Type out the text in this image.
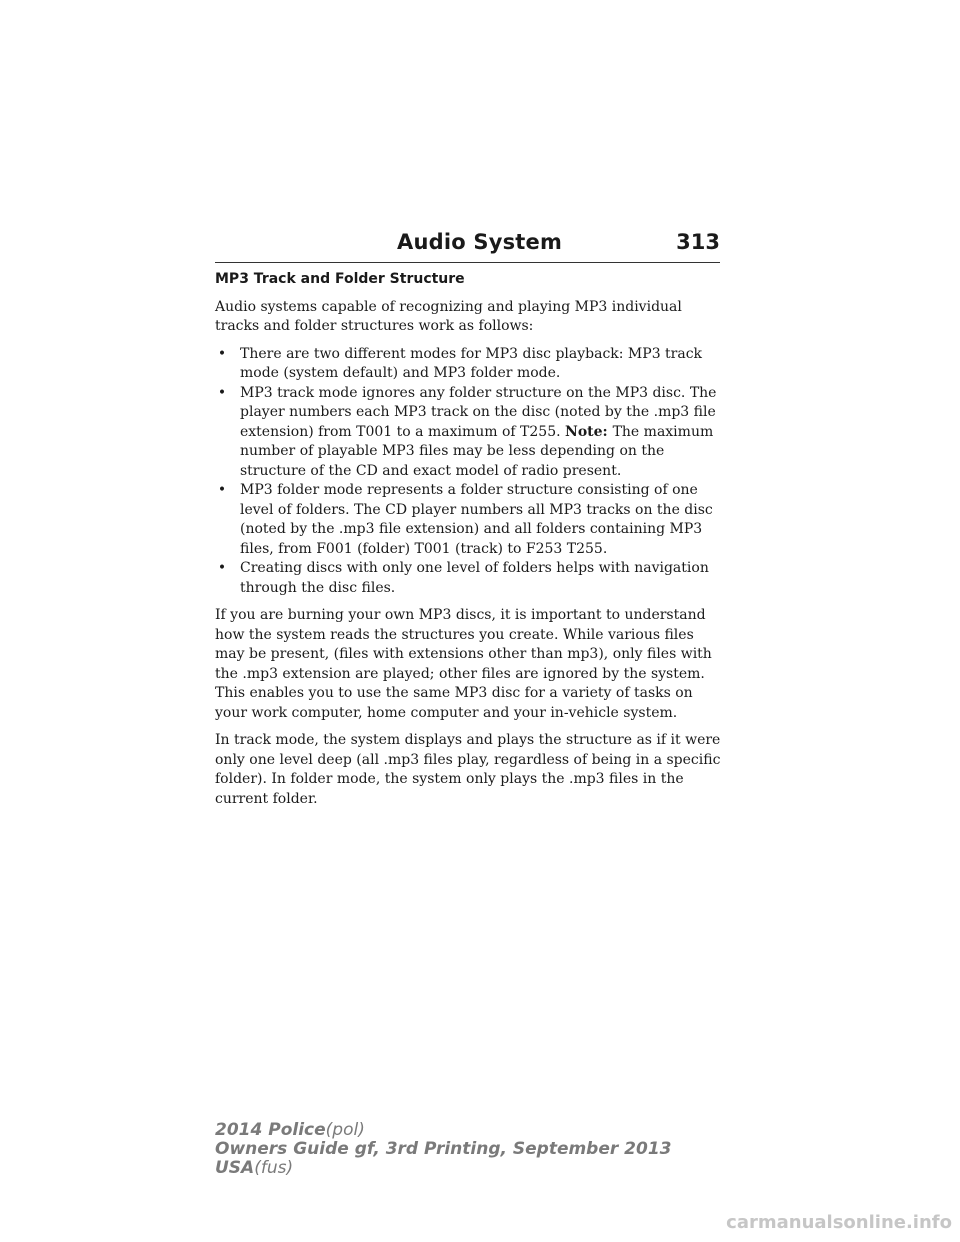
Audio System	313
MP3 Track and Folder Structure

Audio systems capable of recognizing and playing MP3 individual tracks and folder structures work as follows:

• There are two different modes for MP3 disc playback: MP3 track mode (system default) and MP3 folder mode.
• MP3 track mode ignores any folder structure on the MP3 disc. The player numbers each MP3 track on the disc (noted by the .mp3 file extension) from T001 to a maximum of T255. Note: The maximum number of playable MP3 files may be less depending on the structure of the CD and exact model of radio present.
• MP3 folder mode represents a folder structure consisting of one level of folders. The CD player numbers all MP3 tracks on the disc (noted by the .mp3 file extension) and all folders containing MP3 files, from F001 (folder) T001 (track) to F253 T255.
• Creating discs with only one level of folders helps with navigation through the disc files.

If you are burning your own MP3 discs, it is important to understand how the system reads the structures you create. While various files may be present, (files with extensions other than mp3), only files with the .mp3 extension are played; other files are ignored by the system. This enables you to use the same MP3 disc for a variety of tasks on your work computer, home computer and your in-vehicle system.

In track mode, the system displays and plays the structure as if it were only one level deep (all .mp3 files play, regardless of being in a specific folder). In folder mode, the system only plays the .mp3 files in the current folder.

2014 Police(pol)
Owners Guide gf, 3rd Printing, September 2013
USA(fus)
carmanualsonline.info
